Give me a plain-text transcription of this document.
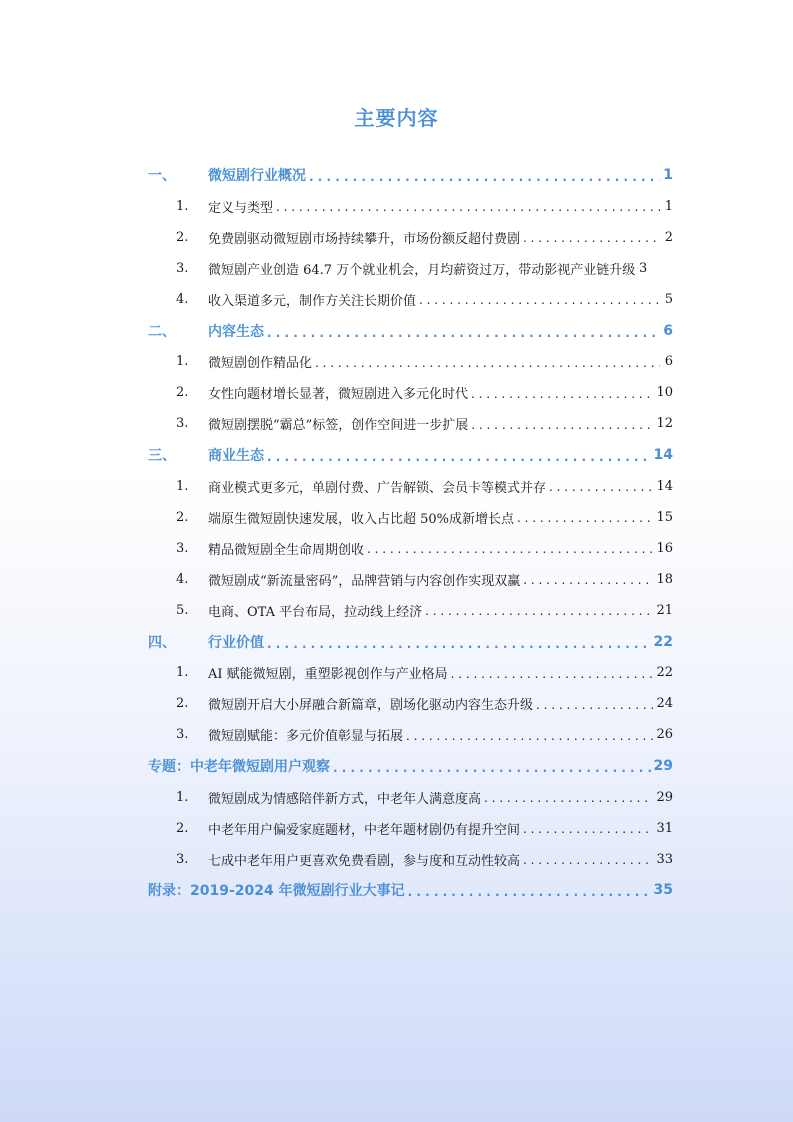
主要内容
一、	微短剧行业概况 . . .	1
1.	定义与类型 . . .	1
2.	免费剧驱动微短剧市场持续攀升，市场份额反超付费剧 . . .	2
3.	微短剧产业创造 64.7 万个就业机会，月均薪资过万，带动影视产业链升级 3
4.	收入渠道多元，制作方关注长期价值 . . .	5
二、	内容生态 . . .	6
1.	微短剧创作精品化 . . .	6
2.	女性向题材增长显著，微短剧进入多元化时代 . . .	10
3.	微短剧摆脱“霸总”标签，创作空间进一步扩展 . . .	12
三、	商业生态 . . .	14
1.	商业模式更多元，单剧付费、广告解锁、会员卡等模式并存 . . .	14
2.	端原生微短剧快速发展，收入占比超 50%成新增长点 . . .	15
3.	精品微短剧全生命周期创收 . . .	16
4.	微短剧成“新流量密码”，品牌营销与内容创作实现双赢 . . .	18
5.	电商、OTA 平台布局，拉动线上经济 . . .	21
四、	行业价值 . . .	22
1.	AI 赋能微短剧，重塑影视创作与产业格局 . . .	22
2.	微短剧开启大小屏融合新篇章，剧场化驱动内容生态升级 . . .	24
3.	微短剧赋能：多元价值彰显与拓展 . . .	26
专题：中老年微短剧用户观察 . . .	29
1.	微短剧成为情感陪伴新方式，中老年人满意度高 . . .	29
2.	中老年用户偏爱家庭题材，中老年题材剧仍有提升空间 . . .	31
3.	七成中老年用户更喜欢免费看剧，参与度和互动性较高 . . .	33
附录：2019-2024 年微短剧行业大事记 . . .	35
